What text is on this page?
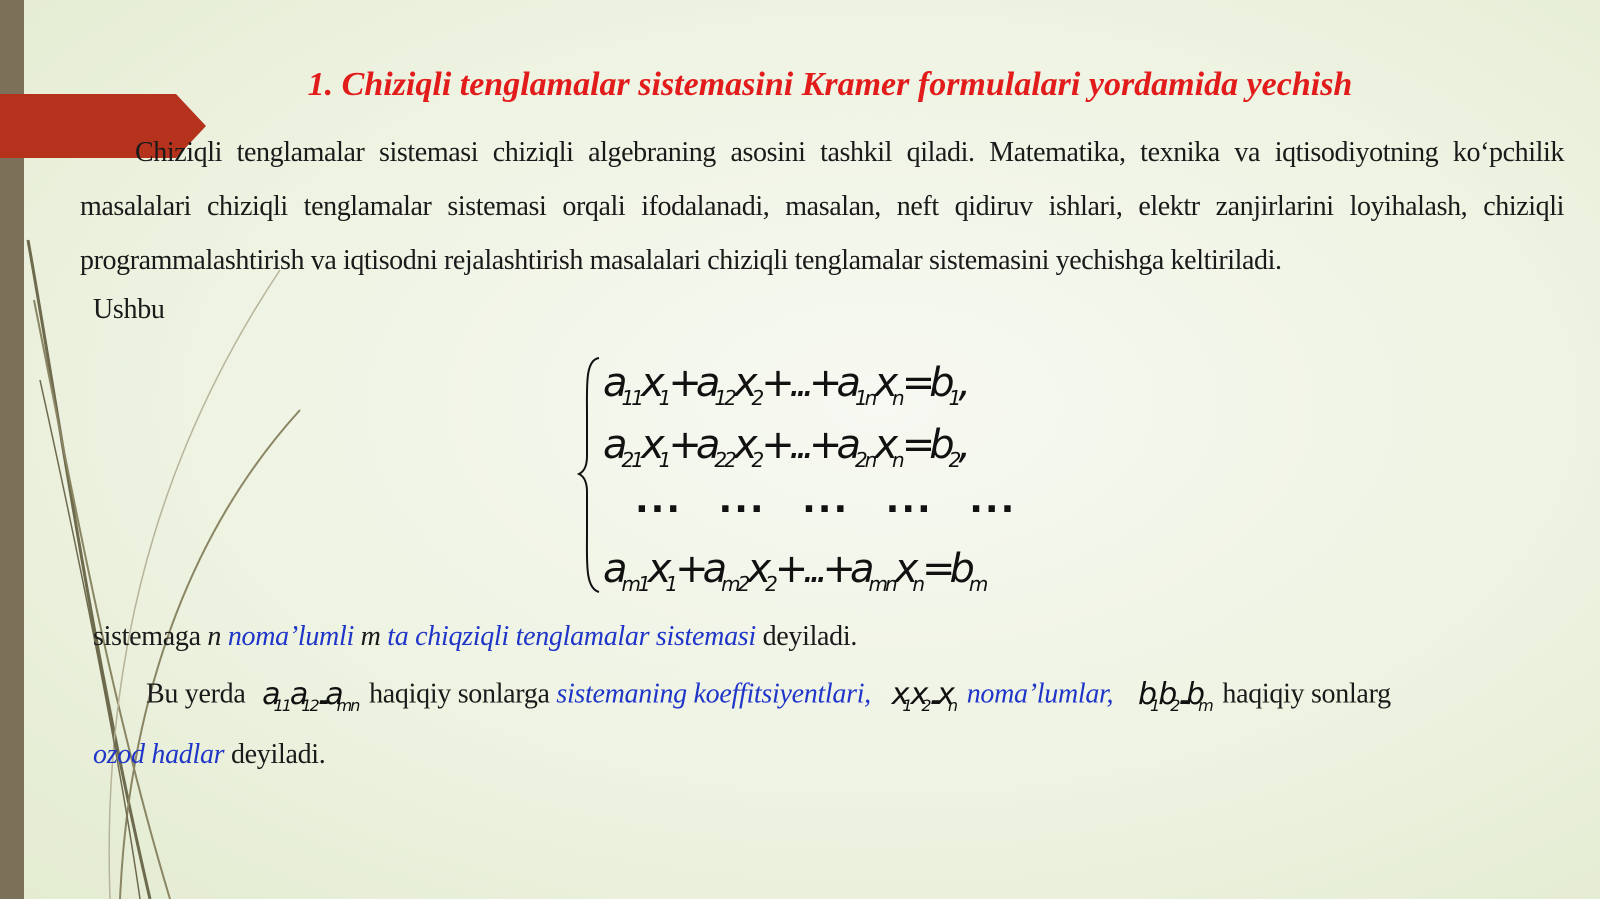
1. Chiziqli tenglamalar sistemasini Kramer formulalari yordamida yechish

Chiziqli tenglamalar sistemasi chiziqli algebraning asosini tashkil qiladi. Matematika, texnika va iqtisodiyotning koʻpchilik masalalari chiziqli tenglamalar sistemasi orqali ifodalanadi, masalan, neft qidiruv ishlari, elektr zanjirlarini loyihalash, chiziqli programmalashtirish va iqtisodni rejalashtirish masalalari chiziqli tenglamalar sistemasini yechishga keltiriladi.

Ushbu
$a_{11}x_1+a_{12}x_2+...+a_{1n}x_n=b_1$,
$a_{21}x_1+a_{22}x_2+...+a_{2n}x_n=b_2$,
... ... ... ... ...
$a_{m1}x_1+a_{m2}x_2+...+a_{mn}x_n=b_m$
sistemaga n noma’lumli m ta chiqziqli tenglamalar sistemasi deyiladi.
Bu yerda $a_{11}a_{12}...a_{mn}$ haqiqiy sonlarga sistemaning koeffitsiyentlari, $x_1x_2...x_n$ noma’lumlar, $b_1b_2...b_m$ haqiqiy sonlarg
ozod hadlar deyiladi.
